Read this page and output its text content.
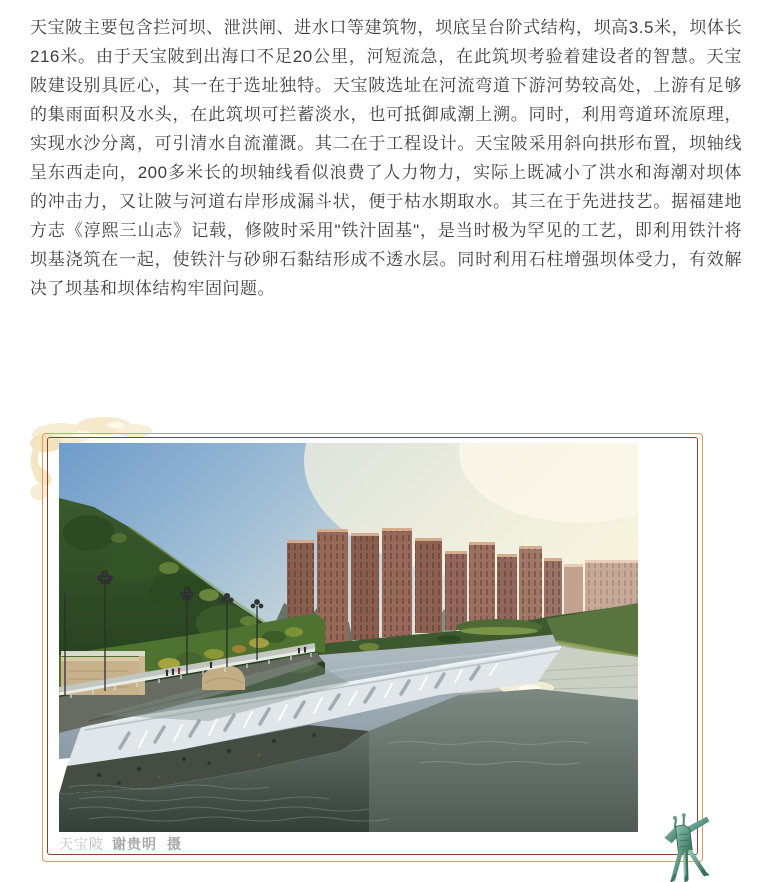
天宝陂主要包含拦河坝、泄洪闸、进水口等建筑物，坝底呈台阶式结构，坝高3.5米，坝体长216米。由于天宝陂到出海口不足20公里，河短流急，在此筑坝考验着建设者的智慧。天宝陂建设别具匠心，其一在于选址独特。天宝陂选址在河流弯道下游河势较高处，上游有足够的集雨面积及水头，在此筑坝可拦蓄淡水，也可抵御咸潮上溯。同时，利用弯道环流原理，实现水沙分离，可引清水自流灌溉。其二在于工程设计。天宝陂采用斜向拱形布置，坝轴线呈东西走向，200多米长的坝轴线看似浪费了人力物力，实际上既减小了洪水和海潮对坝体的冲击力，又让陂与河道右岸形成漏斗状，便于枯水期取水。其三在于先进技艺。据福建地方志《淳熙三山志》记载，修陂时采用"铁汁固基"，是当时极为罕见的工艺，即利用铁汁将坝基浇筑在一起，使铁汁与砂卵石黏结形成不透水层。同时利用石柱增强坝体受力，有效解决了坝基和坝体结构牢固问题。

天宝陂 谢贵明 摄
